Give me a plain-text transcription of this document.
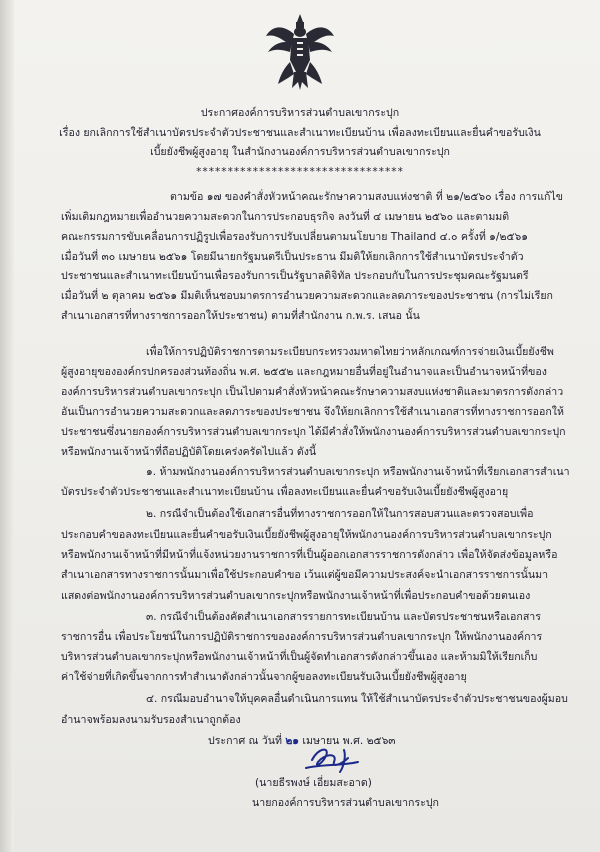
ประกาศองค์การบริหารส่วนตำบลเขากระปุก
เรื่อง ยกเลิกการใช้สำเนาบัตรประจำตัวประชาชนและสำเนาทะเบียนบ้าน เพื่อลงทะเบียนและยื่นคำขอรับเงิน
เบี้ยยังชีพผู้สูงอายุ ในสำนักงานองค์การบริหารส่วนตำบลเขากระปุก
*********************************
ตามข้อ ๑๗ ของคำสั่งหัวหน้าคณะรักษาความสงบแห่งชาติ ที่ ๒๑/๒๕๖๐ เรื่อง การแก้ไข
เพิ่มเติมกฎหมายเพื่ออำนวยความสะดวกในการประกอบธุรกิจ ลงวันที่ ๔ เมษายน ๒๕๖๐ และตามมติ
คณะกรรมการขับเคลื่อนการปฏิรูปเพื่อรองรับการปรับเปลี่ยนตามนโยบาย Thailand ๔.๐ ครั้งที่ ๑/๒๕๖๑
เมื่อวันที่ ๓๐ เมษายน ๒๕๖๑ โดยมีนายกรัฐมนตรีเป็นประธาน มีมติให้ยกเลิกการใช้สำเนาบัตรประจำตัว
ประชาชนและสำเนาทะเบียนบ้านเพื่อรองรับการเป็นรัฐบาลดิจิทัล ประกอบกับในการประชุมคณะรัฐมนตรี
เมื่อวันที่ ๒ ตุลาคม ๒๕๖๑ มีมติเห็นชอบมาตรการอำนวยความสะดวกและลดภาระของประชาชน (การไม่เรียก
สำเนาเอกสารที่ทางราชการออกให้ประชาชน) ตามที่สำนักงาน ก.พ.ร. เสนอ นั้น
เพื่อให้การปฏิบัติราชการตามระเบียบกระทรวงมหาดไทยว่าหลักเกณฑ์การจ่ายเงินเบี้ยยังชีพ
ผู้สูงอายุขององค์กรปกครองส่วนท้องถิ่น พ.ศ. ๒๕๕๒ และกฎหมายอื่นที่อยู่ในอำนาจและเป็นอำนาจหน้าที่ของ
องค์การบริหารส่วนตำบลเขากระปุก เป็นไปตามคำสั่งหัวหน้าคณะรักษาความสงบแห่งชาติและมาตรการดังกล่าว
อันเป็นการอำนวยความสะดวกและลดภาระของประชาชน จึงให้ยกเลิกการใช้สำเนาเอกสารที่ทางราชการออกให้
ประชาชนซึ่งนายกองค์การบริหารส่วนตำบลเขากระปุก ได้มีคำสั่งให้พนักงานองค์การบริหารส่วนตำบลเขากระปุก
หรือพนักงานเจ้าหน้าที่ถือปฏิบัติโดยเคร่งครัดไปแล้ว ดังนี้
๑. ห้ามพนักงานองค์การบริหารส่วนตำบลเขากระปุก หรือพนักงานเจ้าหน้าที่เรียกเอกสารสำเนา
บัตรประจำตัวประชาชนและสำเนาทะเบียนบ้าน เพื่อลงทะเบียนและยื่นคำขอรับเงินเบี้ยยังชีพผู้สูงอายุ
๒. กรณีจำเป็นต้องใช้เอกสารอื่นที่ทางราชการออกให้ในการสอบสวนและตรวจสอบเพื่อ
ประกอบคำขอลงทะเบียนและยื่นคำขอรับเงินเบี้ยยังชีพผู้สูงอายุให้พนักงานองค์การบริหารส่วนตำบลเขากระปุก
หรือพนักงานเจ้าหน้าที่มีหน้าที่แจ้งหน่วยงานราชการที่เป็นผู้ออกเอกสารราชการดังกล่าว เพื่อให้จัดส่งข้อมูลหรือ
สำเนาเอกสารทางราชการนั้นมาเพื่อใช้ประกอบคำขอ เว้นแต่ผู้ขอมีความประสงค์จะนำเอกสารราชการนั้นมา
แสดงต่อพนักงานองค์การบริหารส่วนตำบลเขากระปุกหรือพนักงานเจ้าหน้าที่เพื่อประกอบคำขอด้วยตนเอง
๓. กรณีจำเป็นต้องคัดสำเนาเอกสารรายการทะเบียนบ้าน และบัตรประชาชนหรือเอกสาร
ราชการอื่น เพื่อประโยชน์ในการปฏิบัติราชการขององค์การบริหารส่วนตำบลเขากระปุก ให้พนักงานองค์การ
บริหารส่วนตำบลเขากระปุกหรือพนักงานเจ้าหน้าที่เป็นผู้จัดทำเอกสารดังกล่าวขึ้นเอง และห้ามมิให้เรียกเก็บ
ค่าใช้จ่ายที่เกิดขึ้นจากการทำสำเนาดังกล่าวนั้นจากผู้ขอลงทะเบียนรับเงินเบี้ยยังชีพผู้สูงอายุ
๔. กรณีมอบอำนาจให้บุคคลอื่นดำเนินการแทน ให้ใช้สำเนาบัตรประจำตัวประชาชนของผู้มอบ
อำนาจพร้อมลงนามรับรองสำเนาถูกต้อง
ประกาศ ณ วันที่ ๒๑ เมษายน พ.ศ. ๒๕๖๓
(นายธีรพงษ์ เอี่ยมสะอาด)
นายกองค์การบริหารส่วนตำบลเขากระปุก
